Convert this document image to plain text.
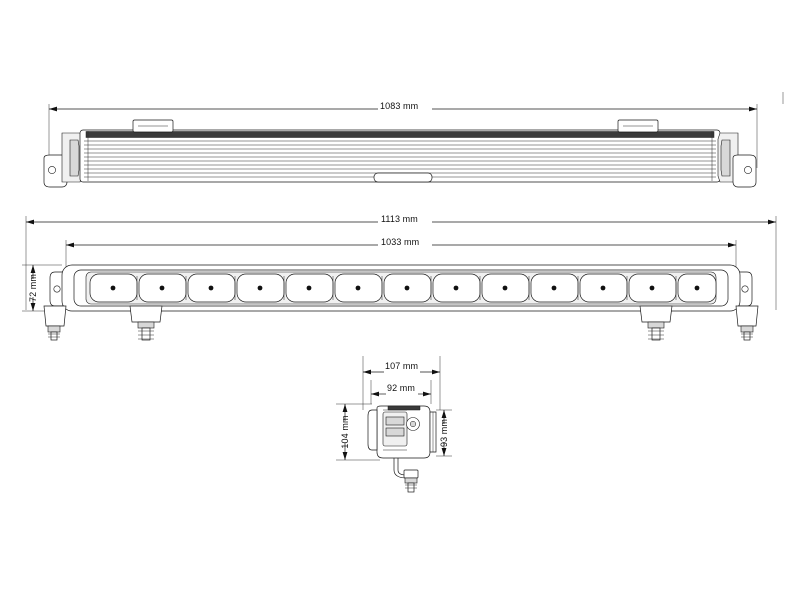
1083 mm
1113 mm
1033 mm
72 mm
107 mm
92 mm
104 mm	93 mm
